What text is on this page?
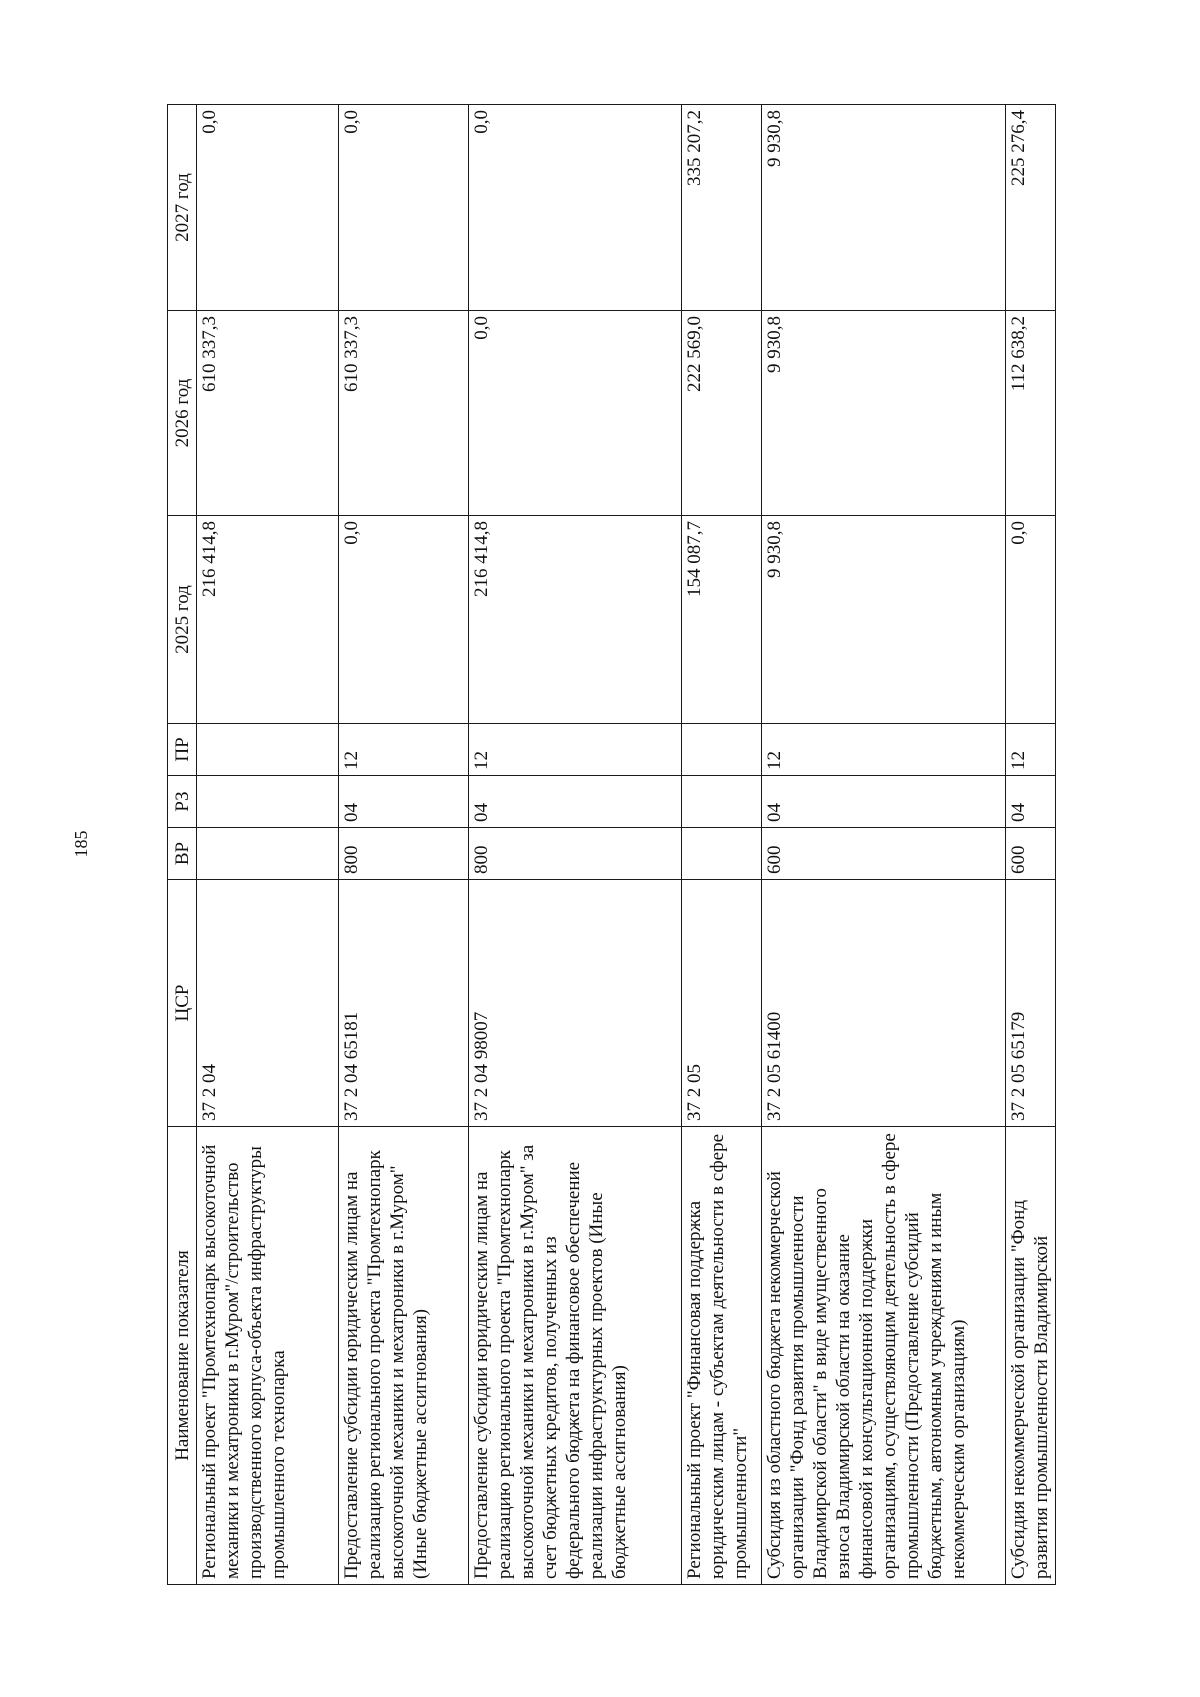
185
Наименование показателя	ЦСР	ВР	РЗ	ПР	2025 год	2026 год	2027 год
Региональный проект "Промтехнопарк высокоточной механики и мехатроники в г.Муром"/строительство производственного корпуса-объекта инфраструктуры промышленного технопарка	37 2 04				216 414,8	610 337,3	0,0
Предоставление субсидии юридическим лицам на реализацию регионального проекта "Промтехнопарк высокоточной механики и мехатроники в г.Муром" (Иные бюджетные ассигнования)	37 2 04 65181	800	04	12	0,0	610 337,3	0,0
Предоставление субсидии юридическим лицам на реализацию регионального проекта "Промтехнопарк высокоточной механики и мехатроники в г.Муром" за счет бюджетных кредитов, полученных из федерального бюджета на финансовое обеспечение реализации инфраструктурных проектов (Иные бюджетные ассигнования)	37 2 04 98007	800	04	12	216 414,8	0,0	0,0
Региональный проект "Финансовая поддержка юридическим лицам - субъектам деятельности в сфере промышленности"	37 2 05				154 087,7	222 569,0	335 207,2
Субсидия из областного бюджета некоммерческой организации "Фонд развития промышленности Владимирской области" в виде имущественного взноса Владимирской области на оказание финансовой и консультационной поддержки организациям, осуществляющим деятельность в сфере промышленности (Предоставление субсидий бюджетным, автономным учреждениям и иным некоммерческим организациям)	37 2 05 61400	600	04	12	9 930,8	9 930,8	9 930,8
Субсидия некоммерческой организации "Фонд развития промышленности Владимирской	37 2 05 65179	600	04	12	0,0	112 638,2	225 276,4
